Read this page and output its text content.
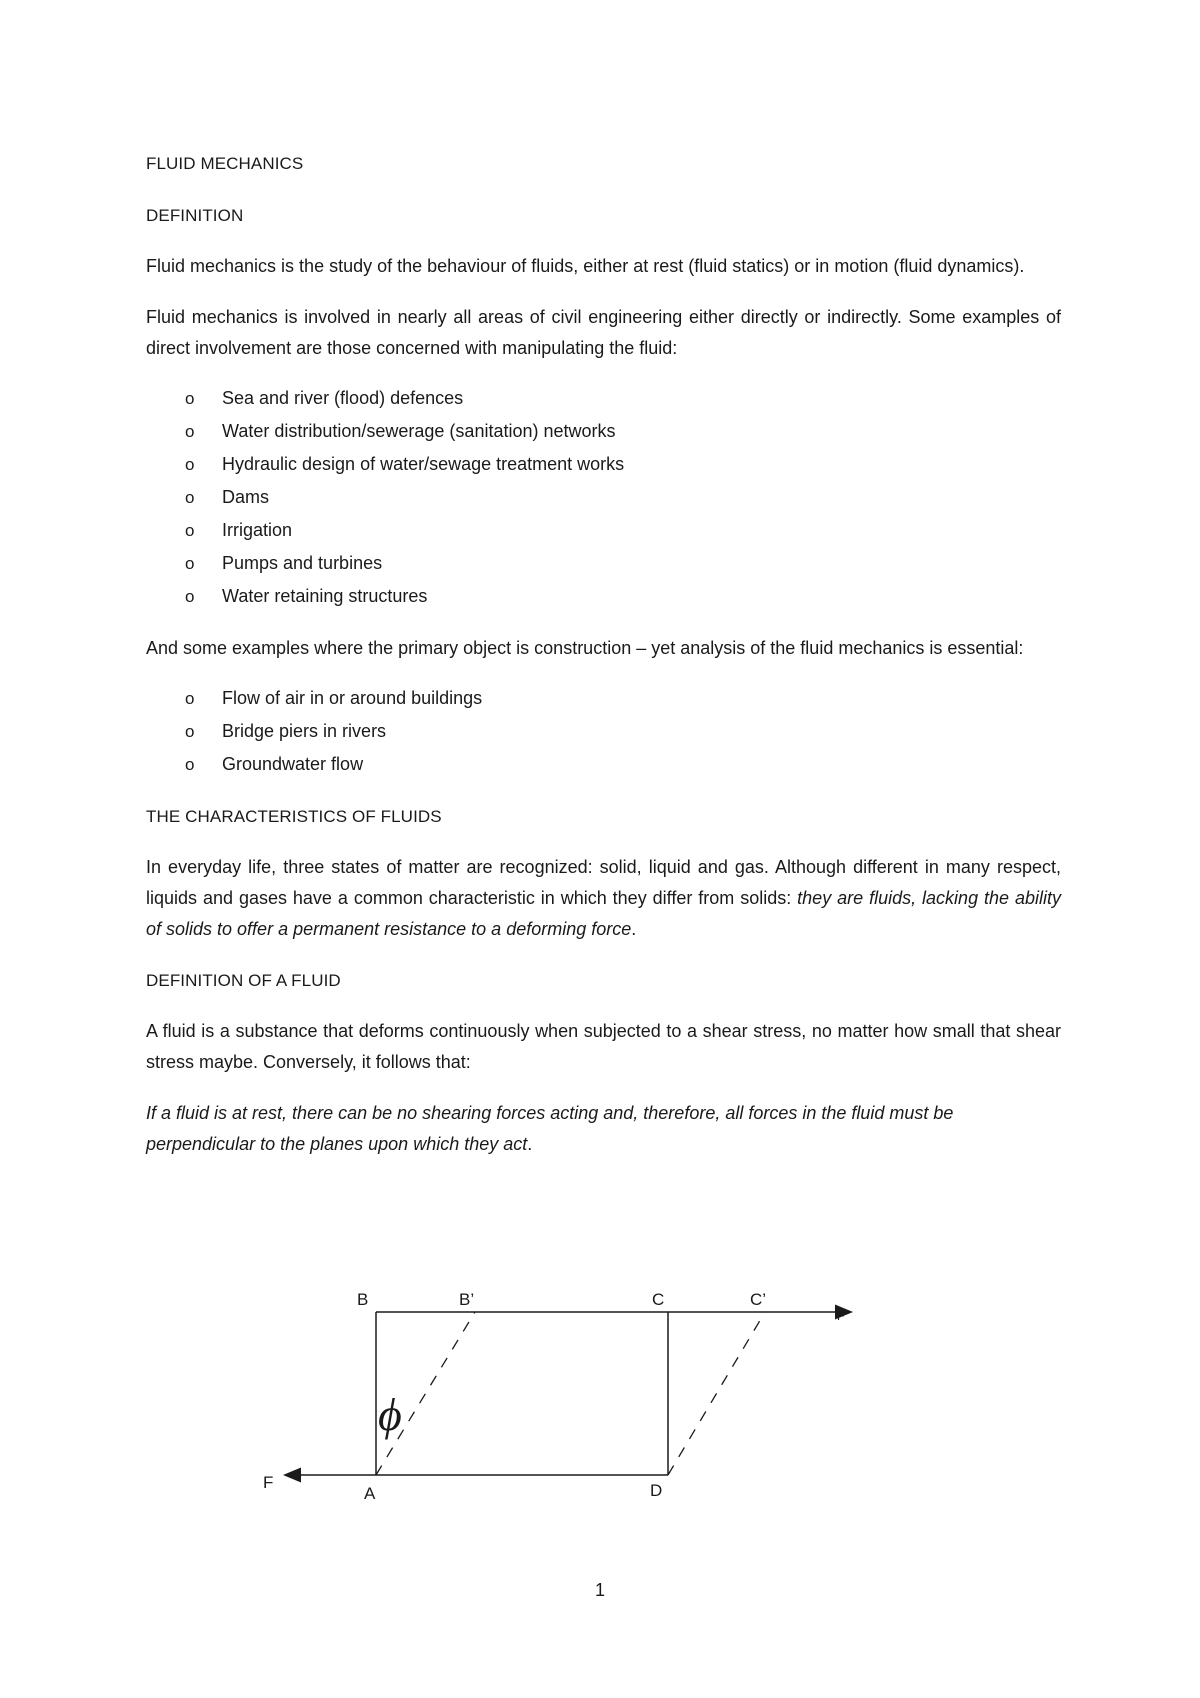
FLUID MECHANICS

DEFINITION

Fluid mechanics is the study of the behaviour of fluids, either at rest (fluid statics) or in motion (fluid dynamics).

Fluid mechanics is involved in nearly all areas of civil engineering either directly or indirectly. Some examples of direct involvement are those concerned with manipulating the fluid:

o	Sea and river (flood) defences
o	Water distribution/sewerage (sanitation) networks
o	Hydraulic design of water/sewage treatment works
o	Dams
o	Irrigation
o	Pumps and turbines
o	Water retaining structures

And some examples where the primary object is construction – yet analysis of the fluid mechanics is essential:

o	Flow of air in or around buildings
o	Bridge piers in rivers
o	Groundwater flow

THE CHARACTERISTICS OF FLUIDS

In everyday life, three states of matter are recognized: solid, liquid and gas. Although different in many respect, liquids and gases have a common characteristic in which they differ from solids: they are fluids, lacking the ability of solids to offer a permanent resistance to a deforming force.

DEFINITION OF A FLUID

A fluid is a substance that deforms continuously when subjected to a shear stress, no matter how small that shear stress maybe. Conversely, it follows that:

If a fluid is at rest, there can be no shearing forces acting and, therefore, all forces in the fluid must be perpendicular to the planes upon which they act.

B	B’	C	C’
A	D
F
F
ϕ
1
